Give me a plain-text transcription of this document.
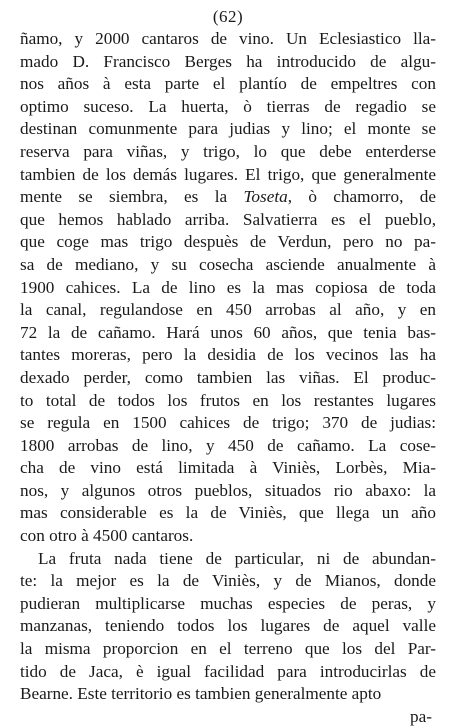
(62)
ñamo, y 2000 cantaros de vino. Un Eclesiastico lla-
mado D. Francisco Berges ha introducido de algu-
nos años à esta parte el plantío de empeltres con
optimo suceso. La huerta, ò tierras de regadio se
destinan comunmente para judias y lino; el monte se
reserva para viñas, y trigo, lo que debe enterderse
tambien de los demás lugares. El trigo, que generalmente
mente se siembra, es la Toseta, ò chamorro, de
que hemos hablado arriba. Salvatierra es el pueblo,
que coge mas trigo despuès de Verdun, pero no pa-
sa de mediano, y su cosecha asciende anualmente à
1900 cahices. La de lino es la mas copiosa de toda
la canal, regulandose en 450 arrobas al año, y en
72 la de cañamo. Hará unos 60 años, que tenia bas-
tantes moreras, pero la desidia de los vecinos las ha
dexado perder, como tambien las viñas. El produc-
to total de todos los frutos en los restantes lugares
se regula en 1500 cahices de trigo; 370 de judias:
1800 arrobas de lino, y 450 de cañamo. La cose-
cha de vino está limitada à Viniès, Lorbès, Mia-
nos, y algunos otros pueblos, situados rio abaxo: la
mas considerable es la de Viniès, que llega un año
con otro à 4500 cantaros.
La fruta nada tiene de particular, ni de abundan-
te: la mejor es la de Viniès, y de Mianos, donde
pudieran multiplicarse muchas especies de peras, y
manzanas, teniendo todos los lugares de aquel valle
la misma proporcion en el terreno que los del Par-
tido de Jaca, è igual facilidad para introducirlas de
Bearne. Este territorio es tambien generalmente apto
pa-
